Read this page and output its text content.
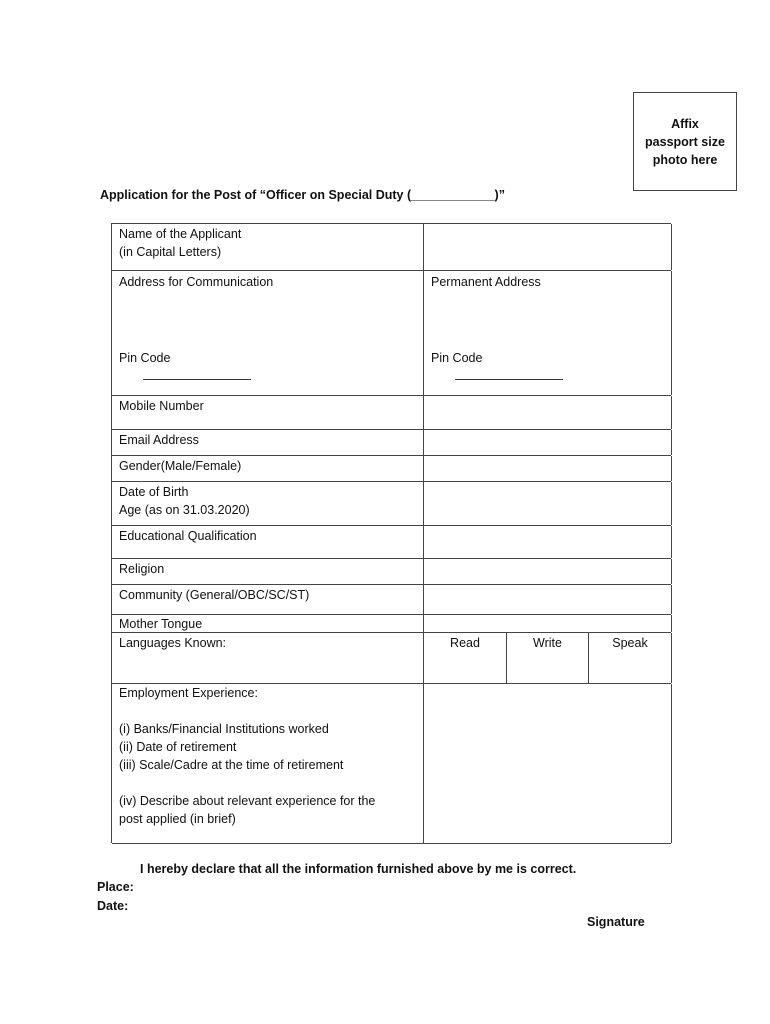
Affix
passport size
photo here
Application for the Post of “Officer on Special Duty (____________)”
Name of the Applicant
(in Capital Letters)
Address for Communication
Pin Code
Permanent Address
Pin Code
Mobile Number
Email Address
Gender(Male/Female)
Date of Birth
Age (as on 31.03.2020)
Educational Qualification
Religion
Community (General/OBC/SC/ST)
Mother Tongue
Languages Known:	Read	Write	Speak
Employment Experience:
(i) Banks/Financial Institutions worked
(ii) Date of retirement
(iii) Scale/Cadre at the time of retirement
(iv) Describe about relevant experience for the
post applied (in brief)
I hereby declare that all the information furnished above by me is correct.
Place:
Date:
Signature
